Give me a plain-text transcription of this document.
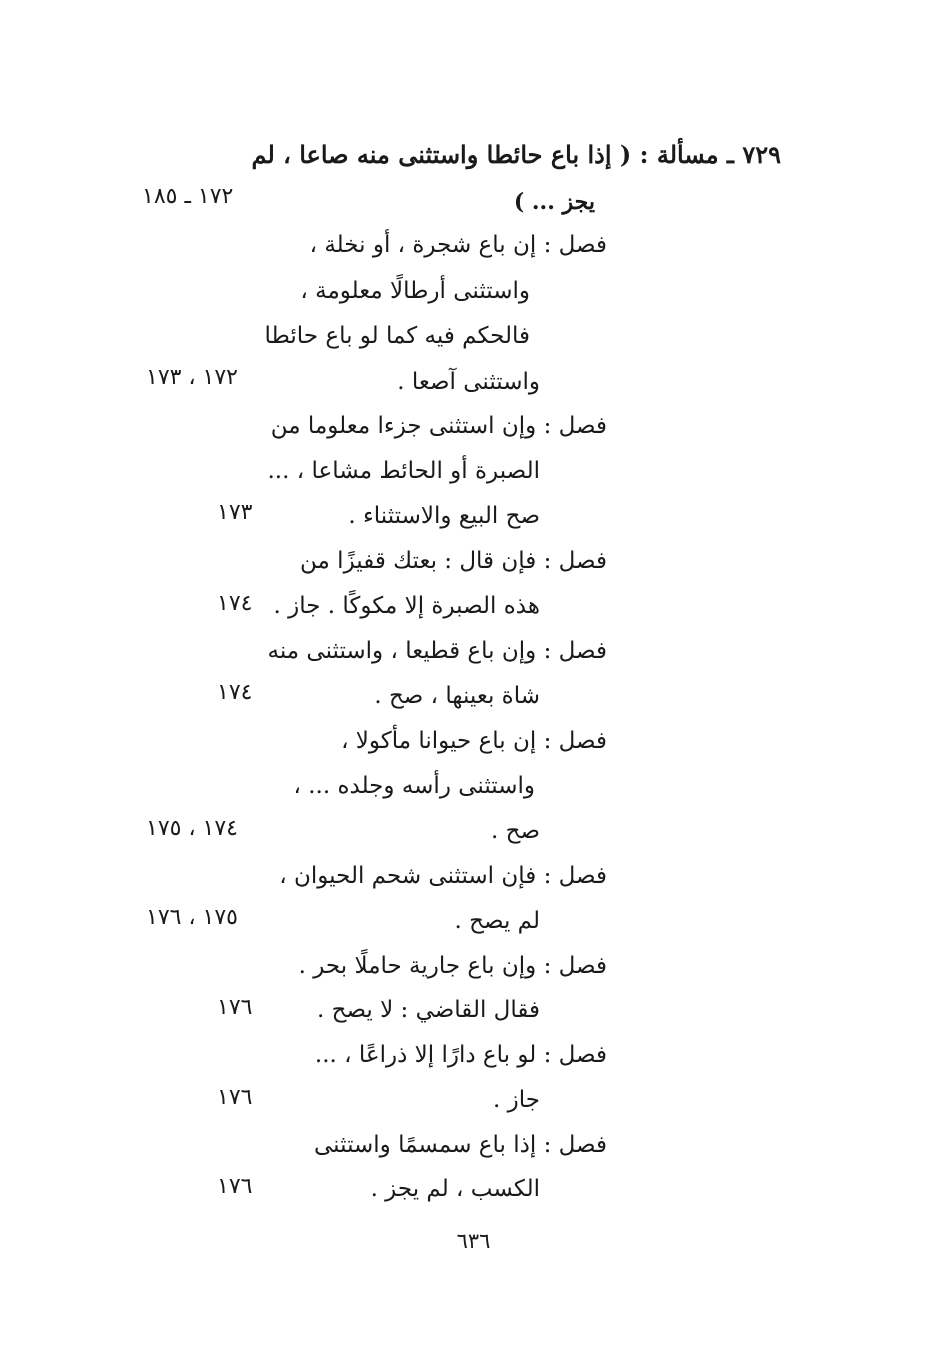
٧٢٩ ـ مسألة : ( إذا باع حائطا واستثنى منه صاعا ، لم
يجز ... )
١٧٢ ـ ١٨٥
فصل : إن باع شجرة ، أو نخلة ،
واستثنى أرطالًا معلومة ،
فالحكم فيه كما لو باع حائطا
واستثنى آصعا .
١٧٢ ، ١٧٣
فصل : وإن استثنى جزءا معلوما من
الصبرة أو الحائط مشاعا ، ...
صح البيع والاستثناء .
١٧٣
فصل : فإن قال : بعتك قفيزًا من
هذه الصبرة إلا مكوكًا . جاز .
١٧٤
فصل : وإن باع قطيعا ، واستثنى منه
شاة بعينها ، صح .
١٧٤
فصل : إن باع حيوانا مأكولا ،
واستثنى رأسه وجلده ... ،
صح .
١٧٤ ، ١٧٥
فصل : فإن استثنى شحم الحيوان ،
لم يصح .
١٧٥ ، ١٧٦
فصل : وإن باع جارية حاملًا بحر .
فقال القاضي : لا يصح .
١٧٦
فصل : لو باع دارًا إلا ذراعًا ، ...
جاز .
١٧٦
فصل : إذا باع سمسمًا واستثنى
الكسب ، لم يجز .
١٧٦
٦٣٦
